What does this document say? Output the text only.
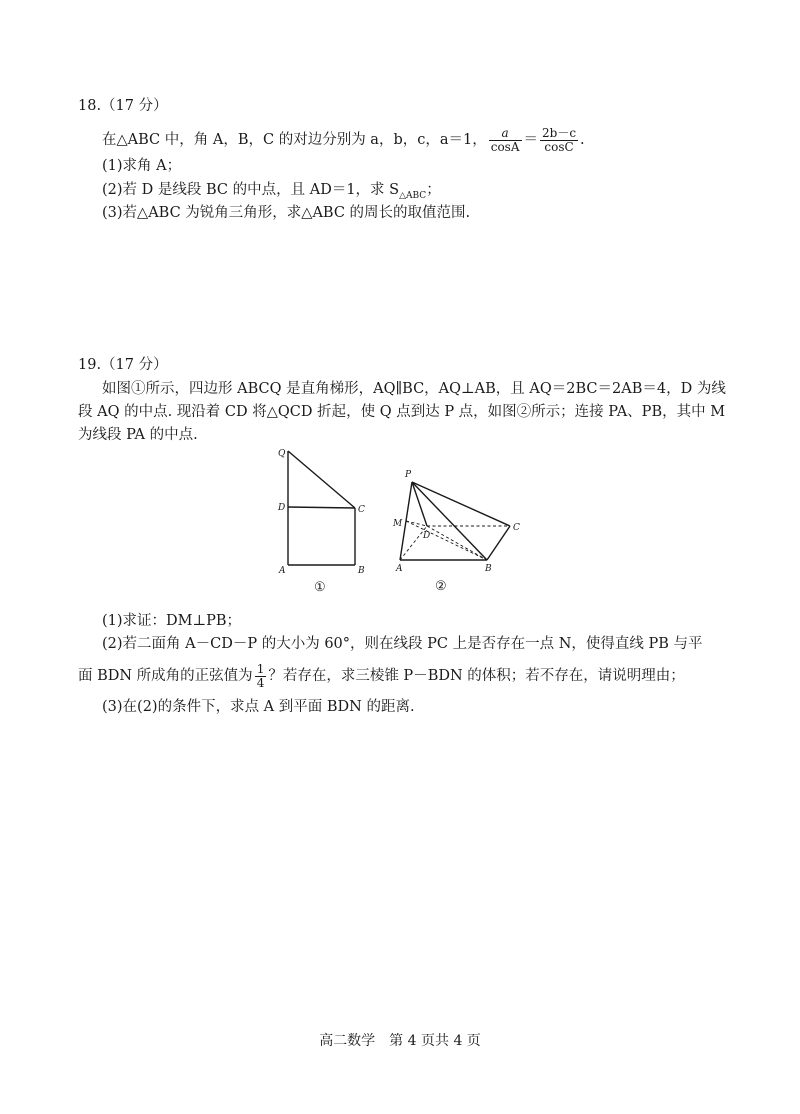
18.（17 分）
在△ABC 中，角 A，B，C 的对边分别为 a，b，c，a＝1， $\frac{a}{\cos A} = \frac{2b-c}{\cos C}$ .
(1)求角 A；
(2)若 D 是线段 BC 的中点，且 AD＝1，求 $S_{\triangle ABC}$；
(3)若△ABC 为锐角三角形，求△ABC 的周长的取值范围.
19.（17 分）
如图①所示，四边形 ABCQ 是直角梯形，AQ∥BC，AQ⊥AB，且 AQ＝2BC＝2AB＝4，D 为线
段 AQ 的中点. 现沿着 CD 将△QCD 折起，使 Q 点到达 P 点，如图②所示；连接 PA、PB，其中 M
为线段 PA 的中点.
Q
D	C
A	B
①
P
M
D
C
A	B
②
(1)求证：DM⊥PB；
(2)若二面角 A－CD－P 的大小为 60°，则在线段 PC 上是否存在一点 N，使得直线 PB 与平
面 BDN 所成角的正弦值为 $\frac{1}{4}$ ？若存在，求三棱锥 P－BDN 的体积；若不存在，请说明理由；
(3)在(2)的条件下，求点 A 到平面 BDN 的距离.
高二数学　第 4 页共 4 页
